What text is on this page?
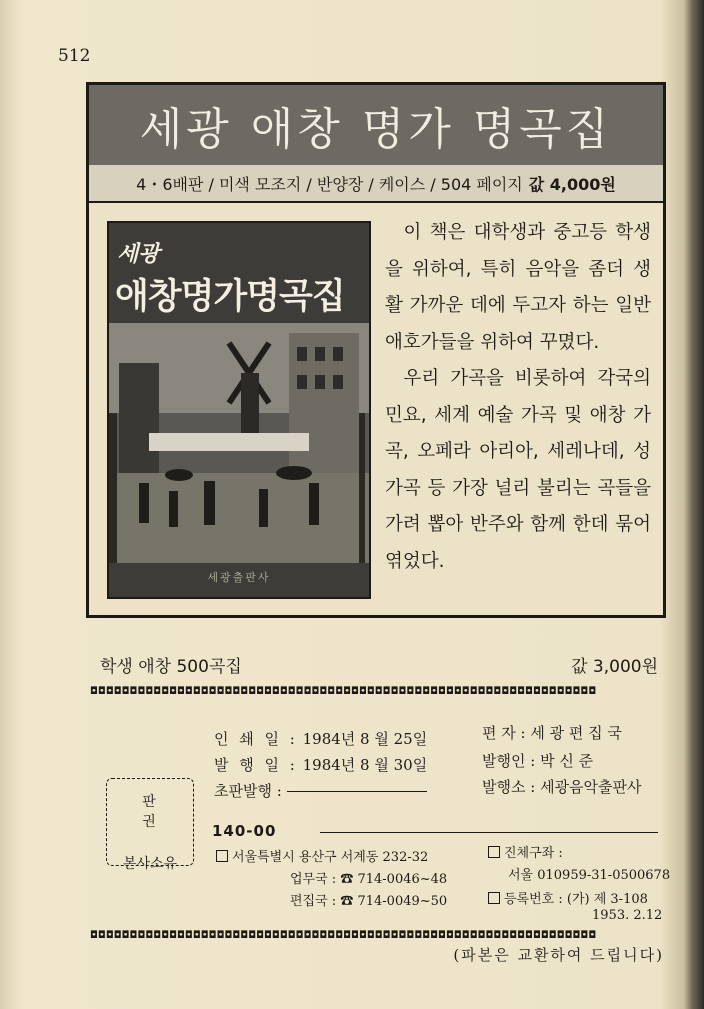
512
세광 애창 명가 명곡집
4・6배판 / 미색 모조지 / 반양장 / 케이스 / 504 페이지 값 4,000원
세광
애창명가명곡집
세광출판사

이 책은 대학생과 중고등 학생을 위하여, 특히 음악을 좀더 생활 가까운 데에 두고자 하는 일반 애호가들을 위하여 꾸몄다.

우리 가곡을 비롯하여 각국의 민요, 세계 예술 가곡 및 애창 가곡, 오페라 아리아, 세레나데, 성가곡 등 가장 널리 불리는 곡들을 가려 뽑아 반주와 함께 한데 묶어 엮었다.

학생 애창 500곡집	값 3,000원
◘◘◘◘◘◘◘◘◘◘◘◘◘◘◘◘◘◘◘◘◘◘◘◘◘◘◘◘◘◘◘◘◘◘◘◘◘◘◘◘◘◘◘◘◘◘◘◘◘◘◘◘◘◘◘◘◘◘◘◘◘◘◘◘
인 쇄 일 : 1984년 8 월 25일
발 행 일 : 1984년 8 월 30일
초판발행 :
편 자 : 세 광 편 집 국
발행인 : 박 신 준
발행소 : 세광음악출판사
판 권
본사소유
140-00
서울특별시 용산구 서계동 232-32
업무국 : ☎ 714-0046~48
편집국 : ☎ 714-0049~50
진체구좌 :
서울 010959-31-0500678
등록번호 : (가) 제 3-108
1953. 2.12
◘◘◘◘◘◘◘◘◘◘◘◘◘◘◘◘◘◘◘◘◘◘◘◘◘◘◘◘◘◘◘◘◘◘◘◘◘◘◘◘◘◘◘◘◘◘◘◘◘◘◘◘◘◘◘◘◘◘◘◘◘◘◘◘
(파본은 교환하여 드립니다)
